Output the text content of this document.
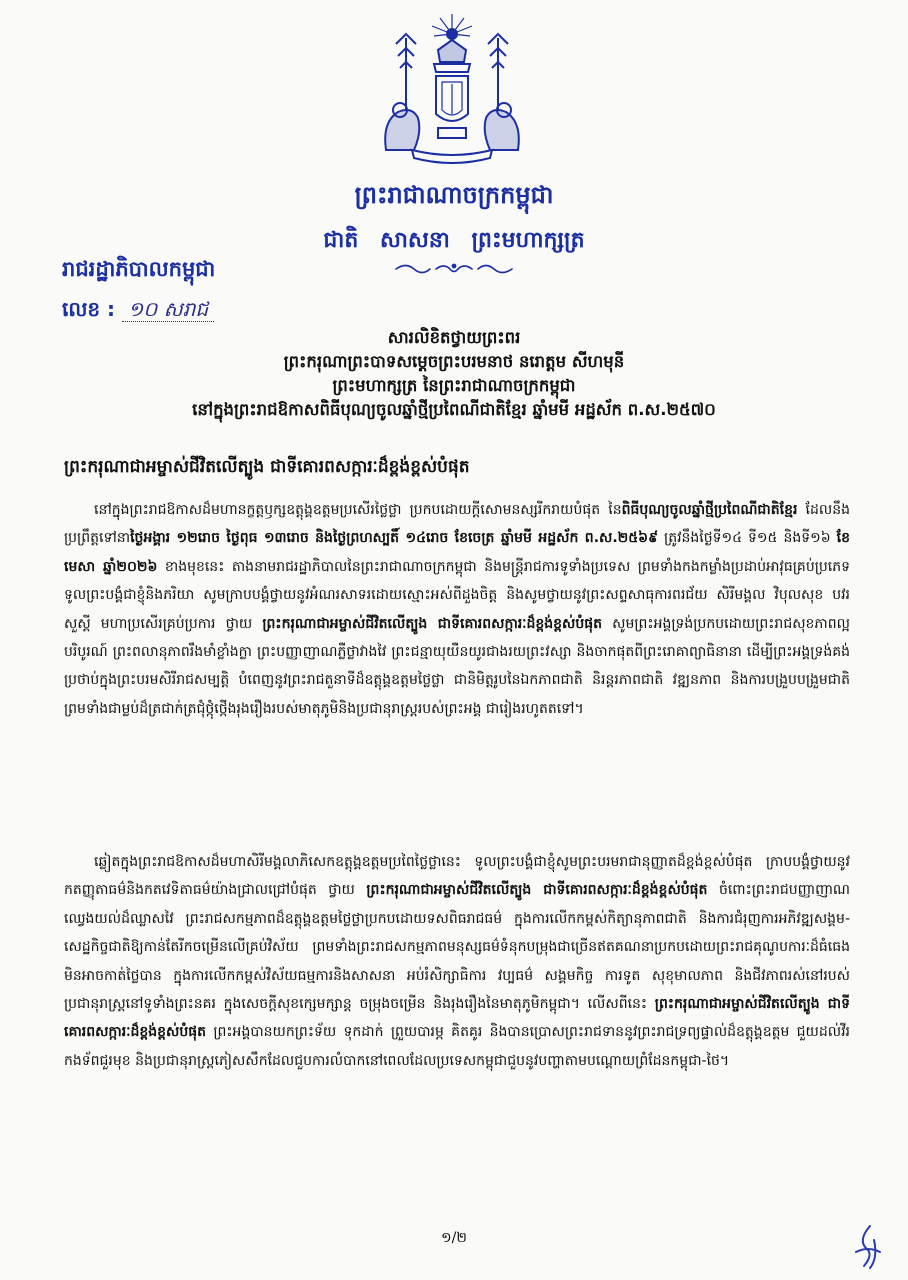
ព្រះរាជាណាចក្រកម្ពុជា
ជាតិ សាសនា ព្រះមហាក្សត្រ
រាជរដ្ឋាភិបាលកម្ពុជា
លេខ : ១០ សរាជ
សារលិខិតថ្វាយព្រះពរ
ព្រះករុណាព្រះបាទសម្ដេចព្រះបរមនាថ នរោត្តម សីហមុនី
ព្រះមហាក្សត្រ នៃព្រះរាជាណាចក្រកម្ពុជា
នៅក្នុងព្រះរាជឱកាសពិធីបុណ្យចូលឆ្នាំថ្មីប្រពៃណីជាតិខ្មែរ ឆ្នាំមមី អដ្ឋស័ក ព.ស.២៥៧០
ព្រះករុណាជាអម្ចាស់ជីវិតលើត្បូង ជាទីគោរពសក្ការៈដ៏ខ្ពង់ខ្ពស់បំផុត
នៅក្នុងព្រះរាជឱកាសដ៏មហានក្ខត្តឫក្សឧត្តុង្គឧត្តមប្រសើរថ្លៃថ្លា ប្រកបដោយក្ដីសោមនស្សរីករាយបំផុត នៃពិធីបុណ្យចូលឆ្នាំថ្មីប្រពៃណីជាតិខ្មែរ ដែលនឹងប្រព្រឹត្តទៅនាថ្ងៃអង្គារ ១២រោច ថ្ងៃពុធ ១៣រោច និងថ្ងៃព្រហស្បតិ៍ ១៤រោច ខែចេត្រ ឆ្នាំមមី អដ្ឋស័ក ព.ស.២៥៦៩ ត្រូវនឹងថ្ងៃទី១៤ ទី១៥ និងទី១៦ ខែមេសា ឆ្នាំ២០២៦ ខាងមុខនេះ តាងនាមរាជរដ្ឋាភិបាលនៃព្រះរាជាណាចក្រកម្ពុជា និងមន្ត្រីរាជការទូទាំងប្រទេស ព្រមទាំងកងកម្លាំងប្រដាប់អាវុធគ្រប់ប្រភេទ ទូលព្រះបង្គំជាខ្ញុំនិងភរិយា សូមក្រាបបង្គំថ្វាយនូវអំណរសាទរដោយស្មោះអស់ពីដួងចិត្ត និងសូមថ្វាយនូវព្រះសព្ទសាធុការពរជ័យ សិរីមង្គល វិបុលសុខ បវរសួស្ដី មហាប្រសើរគ្រប់ប្រការ ថ្វាយ ព្រះករុណាជាអម្ចាស់ជីវិតលើត្បូង ជាទីគោរពសក្ការៈដ៏ខ្ពង់ខ្ពស់បំផុត សូមព្រះអង្គទ្រង់ប្រកបដោយព្រះរាជសុខភាពល្អបរិបូរណ៍ ព្រះពលានុភាពរឹងមាំខ្លាំងក្លា ព្រះបញ្ញាញាណភ្លឺថ្លាវាងវៃ ព្រះជន្មាយុយឺនយូរជាងរយព្រះវស្សា និងចាកផុតពីព្រះរោគាព្យាធិនានា ដើម្បីព្រះអង្គទ្រង់គង់ប្រថាប់ក្នុងព្រះបរមសិរីរាជសម្បត្តិ បំពេញនូវព្រះរាជតួនាទីដ៏ឧត្តុង្គឧត្តមថ្លៃថ្លា ជានិមិត្តរូបនៃឯកភាពជាតិ និរន្តរភាពជាតិ វឌ្ឍនភាព និងការបង្រួបបង្រួមជាតិ ព្រមទាំងជាម្លប់ដ៏ត្រជាក់ត្រជុំថ្កុំថ្កើងរុងរឿងរបស់មាតុភូមិនិងប្រជានុរាស្ត្ររបស់ព្រះអង្គ ជារៀងរហូតតទៅ។
ឆ្លៀតក្នុងព្រះរាជឱកាសដ៏មហាសិរីមង្គលាភិសេកឧត្តុង្គឧត្តមប្រពៃថ្លៃថ្លានេះ ទូលព្រះបង្គំជាខ្ញុំសូមព្រះបរមរាជានុញ្ញាតដ៏ខ្ពង់ខ្ពស់បំផុត ក្រាបបង្គំថ្វាយនូវកតញ្ញុតាធម៌និងកតវេទិតាធម៌យ៉ាងជ្រាលជ្រៅបំផុត ថ្វាយ ព្រះករុណាជាអម្ចាស់ជីវិតលើត្បូង ជាទីគោរពសក្ការៈដ៏ខ្ពង់ខ្ពស់បំផុត ចំពោះព្រះរាជបញ្ញាញាណឈ្វេងយល់ដ៏ឈ្លាសវៃ ព្រះរាជសកម្មភាពដ៏ឧត្តុង្គឧត្តមថ្លៃថ្លាប្រកបដោយទសពិធរាជធម៌ ក្នុងការលើកកម្ពស់កិត្យានុភាពជាតិ និងការជំរុញការអភិវឌ្ឍសង្គម-សេដ្ឋកិច្ចជាតិឱ្យកាន់តែរីកចម្រើនលើគ្រប់វិស័យ ព្រមទាំងព្រះរាជសកម្មភាពមនុស្សធម៌ទំនុកបម្រុងជាច្រើនឥតគណនាប្រកបដោយព្រះរាជគុណូបការៈដ៏ធំធេងមិនអាចកាត់ថ្លៃបាន ក្នុងការលើកកម្ពស់វិស័យធម្មការនិងសាសនា អប់រំសិក្សាធិការ វប្បធម៌ សង្គមកិច្ច ការទូត សុខុមាលភាព និងជីវភាពរស់នៅរបស់ប្រជានុរាស្ត្រនៅទូទាំងព្រះនគរ ក្នុងសេចក្ដីសុខក្សេមក្សាន្ត ចម្រុងចម្រើន និងរុងរឿងនៃមាតុភូមិកម្ពុជា។ លើសពីនេះ ព្រះករុណាជាអម្ចាស់ជីវិតលើត្បូង ជាទីគោរពសក្ការៈដ៏ខ្ពង់ខ្ពស់បំផុត ព្រះអង្គបានយកព្រះទ័យ ទុកដាក់ ព្រួយបារម្ភ គិតគូរ និងបានប្រោសព្រះរាជទាននូវព្រះរាជទ្រព្យផ្ទាល់ដ៏ឧត្តុង្គឧត្តម ជួយដល់វីរកងទ័ពជួរមុខ និងប្រជានុរាស្ត្រភៀសសឹកដែលជួបការលំបាកនៅពេលដែលប្រទេសកម្ពុជាជួបនូវបញ្ហាតាមបណ្ដោយព្រំដែនកម្ពុជា-ថៃ។
១/២
